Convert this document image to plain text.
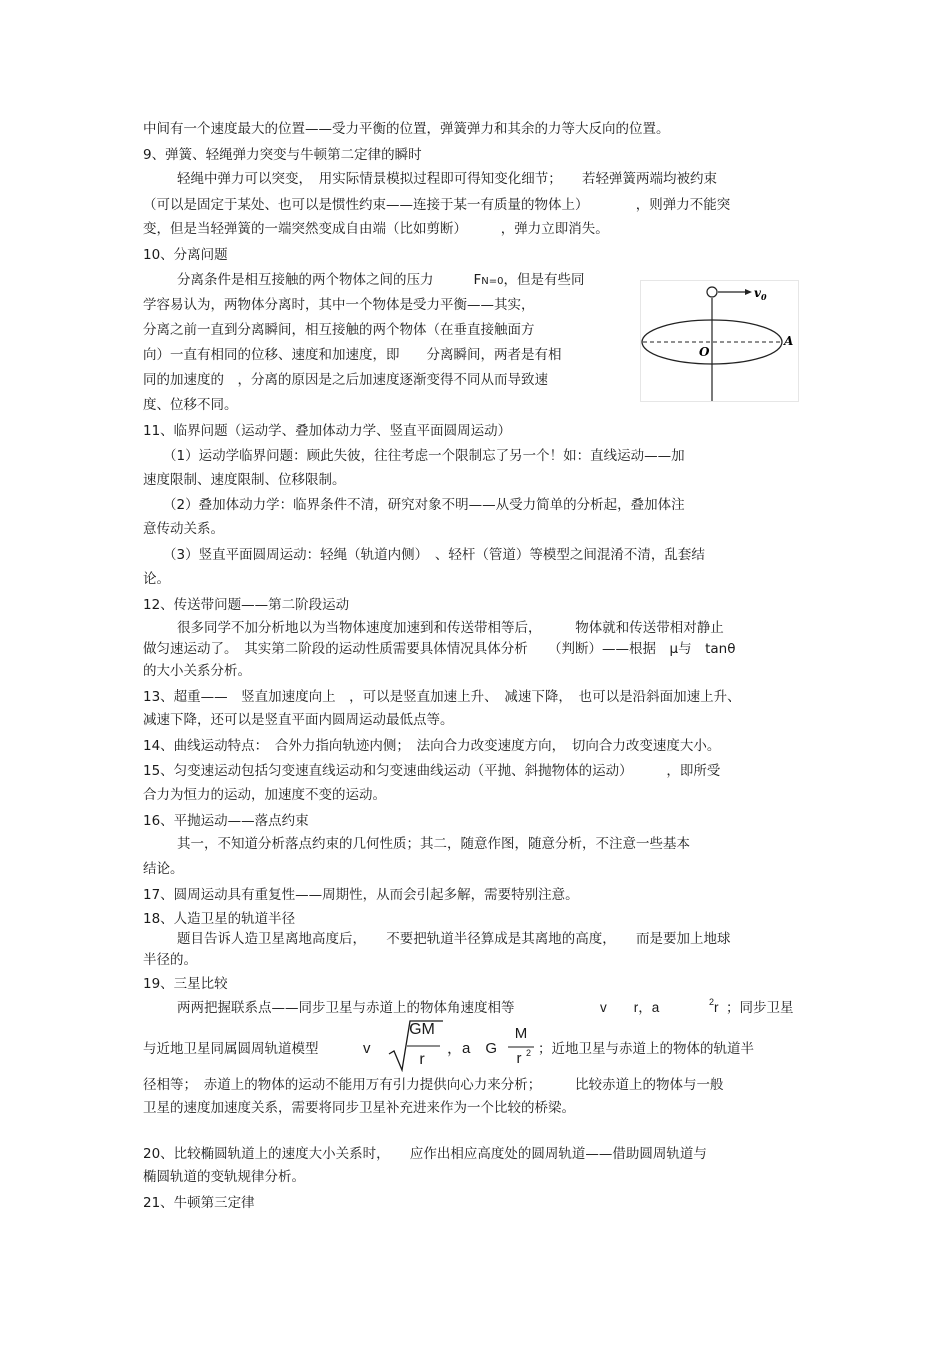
中间有一个速度最大的位置——受力平衡的位置，弹簧弹力和其余的力等大反向的位置。
9、弹簧、轻绳弹力突变与牛顿第二定律的瞬时
轻绳中弹力可以突变，　用实际情景模拟过程即可得知变化细节；　　若轻弹簧两端均被约束
（可以是固定于某处、也可以是惯性约束——连接于某一有质量的物体上）　　　　，则弹力不能突
变，但是当轻弹簧的一端突然变成自由端（比如剪断）　　　，弹力立即消失。
10、分离问题
分离条件是相互接触的两个物体之间的压力	FN=0，但是有些同
学容易认为，两物体分离时，其中一个物体是受力平衡——其实，
分离之前一直到分离瞬间，相互接触的两个物体（在垂直接触面方
向）一直有相同的位移、速度和加速度，即　　分离瞬间，两者是有相
同的加速度的　，分离的原因是之后加速度逐渐变得不同从而导致速
度、位移不同。
$v_0$
O
A
11、临界问题（运动学、叠加体动力学、竖直平面圆周运动）
（1）运动学临界问题：顾此失彼，往往考虑一个限制忘了另一个！如：直线运动——加
速度限制、速度限制、位移限制。
（2）叠加体动力学：临界条件不清，研究对象不明——从受力简单的分析起，叠加体注
意传动关系。
（3）竖直平面圆周运动：轻绳（轨道内侧）　、轻杆（管道）等模型之间混淆不清，乱套结
论。
12、传送带问题——第二阶段运动
很多同学不加分析地以为当物体速度加速到和传送带相等后，　　　物体就和传送带相对静止
做匀速运动了。　其实第二阶段的运动性质需要具体情况具体分析　　（判断）——根据　μ与　tanθ
的大小关系分析。
13、超重——　竖直加速度向上　，可以是竖直加速上升、　减速下降，　也可以是沿斜面加速上升、
减速下降，还可以是竖直平面内圆周运动最低点等。
14、曲线运动特点：　合外力指向轨迹内侧；　法向合力改变速度方向，　切向合力改变速度大小。
15、匀变速运动包括匀变速直线运动和匀变速曲线运动（平抛、斜抛物体的运动）　　　，即所受
合力为恒力的运动，加速度不变的运动。
16、平抛运动——落点约束
其一，不知道分析落点约束的几何性质；其二，随意作图，随意分析，不注意一些基本
结论。
17、圆周运动具有重复性——周期性，从而会引起多解，需要特别注意。
18、人造卫星的轨道半径
题目告诉人造卫星离地高度后，　　不要把轨道半径算成是其离地的高度，　　而是要加上地球
半径的。
19、三星比较
两两把握联系点——同步卫星与赤道上的物体角速度相等	v　　r，a	2 r ；同步卫星
与近地卫星同属圆周轨道模型	v
GM
r
，a　G
M
r 2 ；近地卫星与赤道上的物体的轨道半
径相等；　赤道上的物体的运动不能用万有引力提供向心力来分析；　　　比较赤道上的物体与一般
卫星的速度加速度关系，需要将同步卫星补充进来作为一个比较的桥梁。
20、比较椭圆轨道上的速度大小关系时，　　应作出相应高度处的圆周轨道——借助圆周轨道与
椭圆轨道的变轨规律分析。
21、牛顿第三定律
